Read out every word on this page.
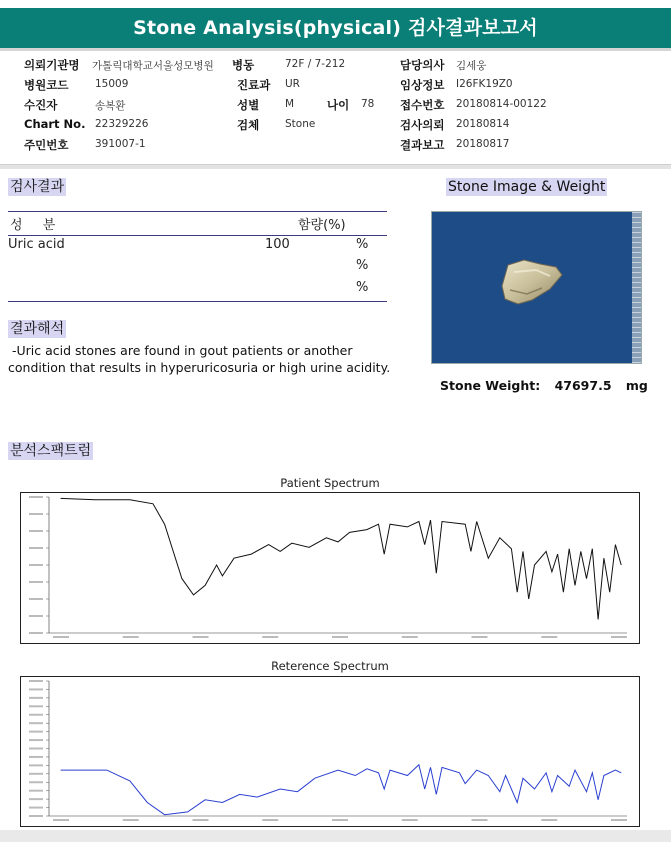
Stone Analysis(physical) 검사결과보고서
의뢰기관명 가톨릭대학교서울성모병원 병동	72F / 7-212	담당의사 김세웅
병원코드	15009	진료과 UR	임상정보 I26FK19Z0
수진자	송복환	성별 M	나이 78 접수번호 20180814-00122
Chart No. 22329226	검체 Stone	검사의뢰 20180814
주민번호	391007-1	결과보고 20180817
검사결과	Stone Image & Weight
성 분	함량(%)
Uric acid	100	%
%
%
결과해석
-Uric acid stones are found in gout patients or another
condition that results in hyperuricosuria or high urine acidity.
Stone Weight: 47697.5 mg
분석스팩트럼
Patient Spectrum
Reterence Spectrum
